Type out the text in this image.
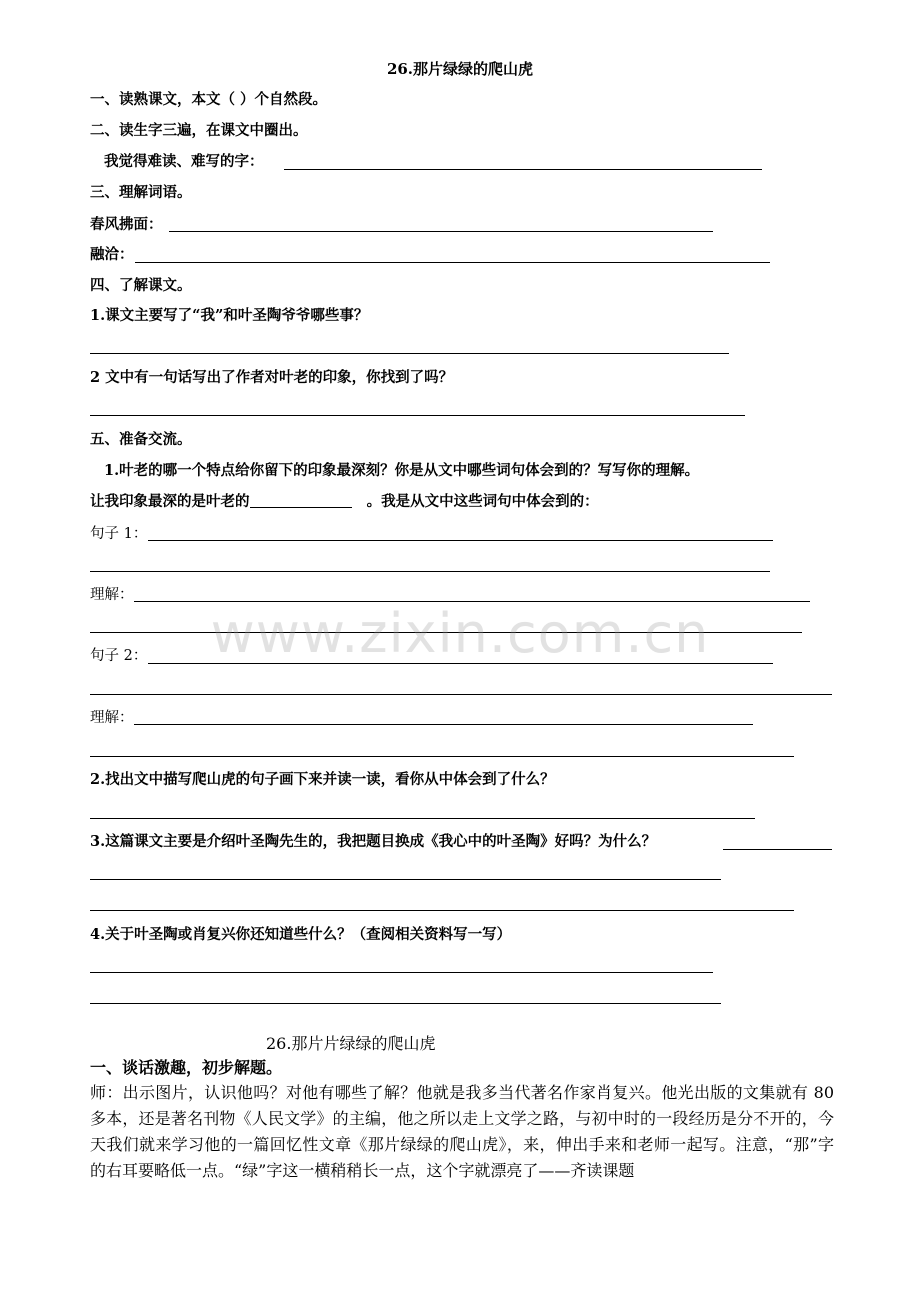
26.那片绿绿的爬山虎
一、读熟课文，本文（ ）个自然段。
二、读生字三遍，在课文中圈出。
我觉得难读、难写的字：
三、理解词语。
春风拂面：
融洽：
四、了解课文。
1.课文主要写了“我”和叶圣陶爷爷哪些事？
2 文中有一句话写出了作者对叶老的印象，你找到了吗？
五、准备交流。
1.叶老的哪一个特点给你留下的印象最深刻？你是从文中哪些词句体会到的？写写你的理解。
让我印象最深的是叶老的	。我是从文中这些词句中体会到的：
句子 1：
理解：
句子 2：
理解：
2.找出文中描写爬山虎的句子画下来并读一读，看你从中体会到了什么？
3.这篇课文主要是介绍叶圣陶先生的，我把题目换成《我心中的叶圣陶》好吗？为什么？
4.关于叶圣陶或肖复兴你还知道些什么？（查阅相关资料写一写）
www.zixin.com.cn
26.那片片绿绿的爬山虎
一、谈话激趣，初步解题。
师：出示图片，认识他吗？对他有哪些了解？他就是我多当代著名作家肖复兴。他光出版的文集就有 80 多本，还是著名刊物《人民文学》的主编，他之所以走上文学之路，与初中时的一段经历是分不开的，今天我们就来学习他的一篇回忆性文章《那片绿绿的爬山虎》，来，伸出手来和老师一起写。注意，“那”字的右耳要略低一点。“绿”字这一横稍稍长一点，这个字就漂亮了——齐读课题
